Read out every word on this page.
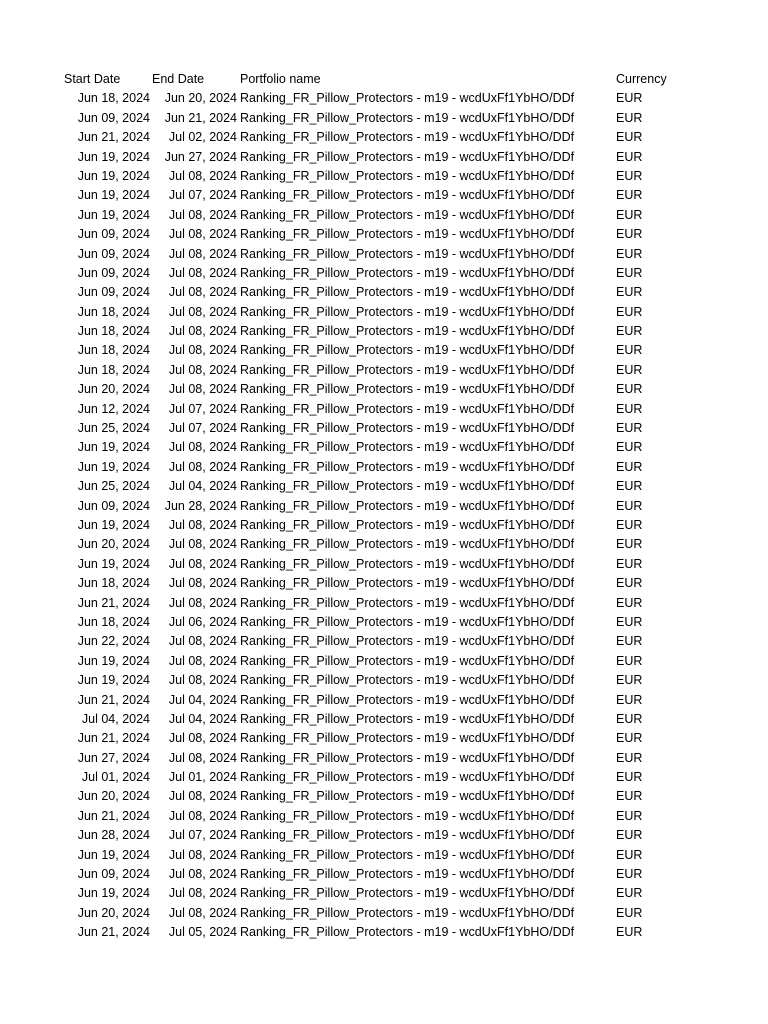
Start Date	End Date	Portfolio name	Currency
Jun 18, 2024	Jun 20, 2024 Ranking_FR_Pillow_Protectors - m19 - wcdUxFf1YbHO/DDf	EUR
Jun 09, 2024	Jun 21, 2024 Ranking_FR_Pillow_Protectors - m19 - wcdUxFf1YbHO/DDf	EUR
Jun 21, 2024	Jul 02, 2024 Ranking_FR_Pillow_Protectors - m19 - wcdUxFf1YbHO/DDf	EUR
Jun 19, 2024	Jun 27, 2024 Ranking_FR_Pillow_Protectors - m19 - wcdUxFf1YbHO/DDf	EUR
Jun 19, 2024	Jul 08, 2024 Ranking_FR_Pillow_Protectors - m19 - wcdUxFf1YbHO/DDf	EUR
Jun 19, 2024	Jul 07, 2024 Ranking_FR_Pillow_Protectors - m19 - wcdUxFf1YbHO/DDf	EUR
Jun 19, 2024	Jul 08, 2024 Ranking_FR_Pillow_Protectors - m19 - wcdUxFf1YbHO/DDf	EUR
Jun 09, 2024	Jul 08, 2024 Ranking_FR_Pillow_Protectors - m19 - wcdUxFf1YbHO/DDf	EUR
Jun 09, 2024	Jul 08, 2024 Ranking_FR_Pillow_Protectors - m19 - wcdUxFf1YbHO/DDf	EUR
Jun 09, 2024	Jul 08, 2024 Ranking_FR_Pillow_Protectors - m19 - wcdUxFf1YbHO/DDf	EUR
Jun 09, 2024	Jul 08, 2024 Ranking_FR_Pillow_Protectors - m19 - wcdUxFf1YbHO/DDf	EUR
Jun 18, 2024	Jul 08, 2024 Ranking_FR_Pillow_Protectors - m19 - wcdUxFf1YbHO/DDf	EUR
Jun 18, 2024	Jul 08, 2024 Ranking_FR_Pillow_Protectors - m19 - wcdUxFf1YbHO/DDf	EUR
Jun 18, 2024	Jul 08, 2024 Ranking_FR_Pillow_Protectors - m19 - wcdUxFf1YbHO/DDf	EUR
Jun 18, 2024	Jul 08, 2024 Ranking_FR_Pillow_Protectors - m19 - wcdUxFf1YbHO/DDf	EUR
Jun 20, 2024	Jul 08, 2024 Ranking_FR_Pillow_Protectors - m19 - wcdUxFf1YbHO/DDf	EUR
Jun 12, 2024	Jul 07, 2024 Ranking_FR_Pillow_Protectors - m19 - wcdUxFf1YbHO/DDf	EUR
Jun 25, 2024	Jul 07, 2024 Ranking_FR_Pillow_Protectors - m19 - wcdUxFf1YbHO/DDf	EUR
Jun 19, 2024	Jul 08, 2024 Ranking_FR_Pillow_Protectors - m19 - wcdUxFf1YbHO/DDf	EUR
Jun 19, 2024	Jul 08, 2024 Ranking_FR_Pillow_Protectors - m19 - wcdUxFf1YbHO/DDf	EUR
Jun 25, 2024	Jul 04, 2024 Ranking_FR_Pillow_Protectors - m19 - wcdUxFf1YbHO/DDf	EUR
Jun 09, 2024	Jun 28, 2024 Ranking_FR_Pillow_Protectors - m19 - wcdUxFf1YbHO/DDf	EUR
Jun 19, 2024	Jul 08, 2024 Ranking_FR_Pillow_Protectors - m19 - wcdUxFf1YbHO/DDf	EUR
Jun 20, 2024	Jul 08, 2024 Ranking_FR_Pillow_Protectors - m19 - wcdUxFf1YbHO/DDf	EUR
Jun 19, 2024	Jul 08, 2024 Ranking_FR_Pillow_Protectors - m19 - wcdUxFf1YbHO/DDf	EUR
Jun 18, 2024	Jul 08, 2024 Ranking_FR_Pillow_Protectors - m19 - wcdUxFf1YbHO/DDf	EUR
Jun 21, 2024	Jul 08, 2024 Ranking_FR_Pillow_Protectors - m19 - wcdUxFf1YbHO/DDf	EUR
Jun 18, 2024	Jul 06, 2024 Ranking_FR_Pillow_Protectors - m19 - wcdUxFf1YbHO/DDf	EUR
Jun 22, 2024	Jul 08, 2024 Ranking_FR_Pillow_Protectors - m19 - wcdUxFf1YbHO/DDf	EUR
Jun 19, 2024	Jul 08, 2024 Ranking_FR_Pillow_Protectors - m19 - wcdUxFf1YbHO/DDf	EUR
Jun 19, 2024	Jul 08, 2024 Ranking_FR_Pillow_Protectors - m19 - wcdUxFf1YbHO/DDf	EUR
Jun 21, 2024	Jul 04, 2024 Ranking_FR_Pillow_Protectors - m19 - wcdUxFf1YbHO/DDf	EUR
Jul 04, 2024	Jul 04, 2024 Ranking_FR_Pillow_Protectors - m19 - wcdUxFf1YbHO/DDf	EUR
Jun 21, 2024	Jul 08, 2024 Ranking_FR_Pillow_Protectors - m19 - wcdUxFf1YbHO/DDf	EUR
Jun 27, 2024	Jul 08, 2024 Ranking_FR_Pillow_Protectors - m19 - wcdUxFf1YbHO/DDf	EUR
Jul 01, 2024	Jul 01, 2024 Ranking_FR_Pillow_Protectors - m19 - wcdUxFf1YbHO/DDf	EUR
Jun 20, 2024	Jul 08, 2024 Ranking_FR_Pillow_Protectors - m19 - wcdUxFf1YbHO/DDf	EUR
Jun 21, 2024	Jul 08, 2024 Ranking_FR_Pillow_Protectors - m19 - wcdUxFf1YbHO/DDf	EUR
Jun 28, 2024	Jul 07, 2024 Ranking_FR_Pillow_Protectors - m19 - wcdUxFf1YbHO/DDf	EUR
Jun 19, 2024	Jul 08, 2024 Ranking_FR_Pillow_Protectors - m19 - wcdUxFf1YbHO/DDf	EUR
Jun 09, 2024	Jul 08, 2024 Ranking_FR_Pillow_Protectors - m19 - wcdUxFf1YbHO/DDf	EUR
Jun 19, 2024	Jul 08, 2024 Ranking_FR_Pillow_Protectors - m19 - wcdUxFf1YbHO/DDf	EUR
Jun 20, 2024	Jul 08, 2024 Ranking_FR_Pillow_Protectors - m19 - wcdUxFf1YbHO/DDf	EUR
Jun 21, 2024	Jul 05, 2024 Ranking_FR_Pillow_Protectors - m19 - wcdUxFf1YbHO/DDf	EUR
